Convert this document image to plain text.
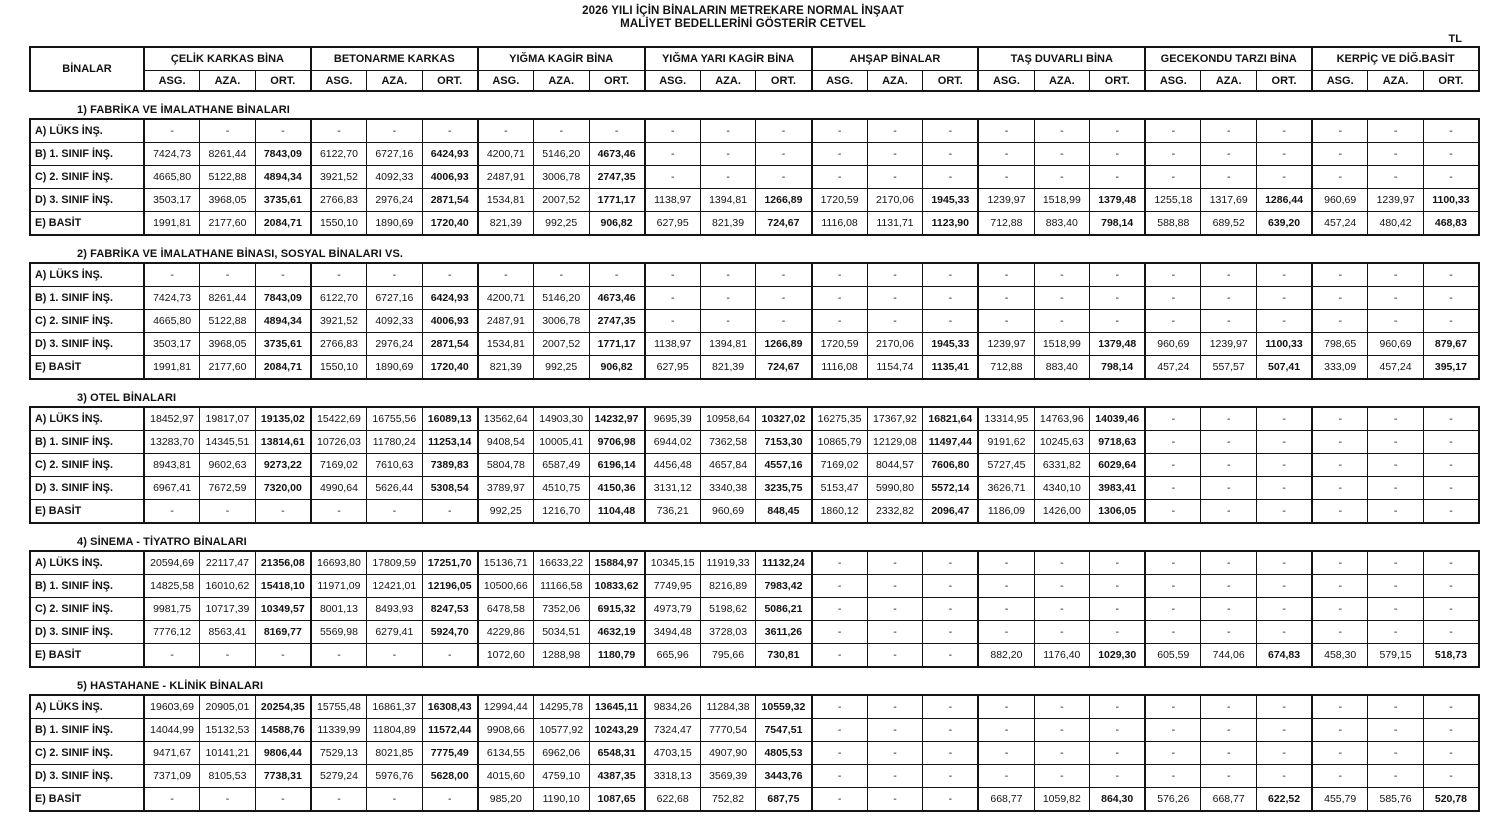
2026 YILI İÇİN BİNALARIN METREKARE NORMAL İNŞAAT
MALİYET BEDELLERİNİ GÖSTERİR CETVEL
TL
BİNALAR	ÇELİK KARKAS BİNA			BETONARME KARKAS			YIĞMA KAGİR BİNA			YIĞMA YARI KAGİR BİNA			AHŞAP BİNALAR			TAŞ DUVARLI BİNA			GECEKONDU TARZI BİNA			KERPİÇ VE DİĞ.BASİT		
	ASG.	AZA.	ORT.	ASG.	AZA.	ORT.	ASG.	AZA.	ORT.	ASG.	AZA.	ORT.	ASG.	AZA.	ORT.	ASG.	AZA.	ORT.	ASG.	AZA.	ORT.	ASG.	AZA.	ORT.
1) FABRİKA VE İMALATHANE BİNALARI
A) LÜKS İNŞ.	-	-	-	-	-	-	-	-	-	-	-	-	-	-	-	-	-	-	-	-	-	-	-	-
B) 1. SINIF İNŞ.	7424,73	8261,44	7843,09	6122,70	6727,16	6424,93	4200,71	5146,20	4673,46	-	-	-	-	-	-	-	-	-	-	-	-	-	-	-
C) 2. SINIF İNŞ.	4665,80	5122,88	4894,34	3921,52	4092,33	4006,93	2487,91	3006,78	2747,35	-	-	-	-	-	-	-	-	-	-	-	-	-	-	-
D) 3. SINIF İNŞ.	3503,17	3968,05	3735,61	2766,83	2976,24	2871,54	1534,81	2007,52	1771,17	1138,97	1394,81	1266,89	1720,59	2170,06	1945,33	1239,97	1518,99	1379,48	1255,18	1317,69	1286,44	960,69	1239,97	1100,33
E) BASİT	1991,81	2177,60	2084,71	1550,10	1890,69	1720,40	821,39	992,25	906,82	627,95	821,39	724,67	1116,08	1131,71	1123,90	712,88	883,40	798,14	588,88	689,52	639,20	457,24	480,42	468,83
2) FABRİKA VE İMALATHANE BİNASI, SOSYAL BİNALARI VS.
A) LÜKS İNŞ.	-	-	-	-	-	-	-	-	-	-	-	-	-	-	-	-	-	-	-	-	-	-	-	-
B) 1. SINIF İNŞ.	7424,73	8261,44	7843,09	6122,70	6727,16	6424,93	4200,71	5146,20	4673,46	-	-	-	-	-	-	-	-	-	-	-	-	-	-	-
C) 2. SINIF İNŞ.	4665,80	5122,88	4894,34	3921,52	4092,33	4006,93	2487,91	3006,78	2747,35	-	-	-	-	-	-	-	-	-	-	-	-	-	-	-
D) 3. SINIF İNŞ.	3503,17	3968,05	3735,61	2766,83	2976,24	2871,54	1534,81	2007,52	1771,17	1138,97	1394,81	1266,89	1720,59	2170,06	1945,33	1239,97	1518,99	1379,48	960,69	1239,97	1100,33	798,65	960,69	879,67
E) BASİT	1991,81	2177,60	2084,71	1550,10	1890,69	1720,40	821,39	992,25	906,82	627,95	821,39	724,67	1116,08	1154,74	1135,41	712,88	883,40	798,14	457,24	557,57	507,41	333,09	457,24	395,17
3) OTEL BİNALARI
A) LÜKS İNŞ.	18452,97	19817,07	19135,02	15422,69	16755,56	16089,13	13562,64	14903,30	14232,97	9695,39	10958,64	10327,02	16275,35	17367,92	16821,64	13314,95	14763,96	14039,46	-	-	-	-	-	-
B) 1. SINIF İNŞ.	13283,70	14345,51	13814,61	10726,03	11780,24	11253,14	9408,54	10005,41	9706,98	6944,02	7362,58	7153,30	10865,79	12129,08	11497,44	9191,62	10245,63	9718,63	-	-	-	-	-	-
C) 2. SINIF İNŞ.	8943,81	9602,63	9273,22	7169,02	7610,63	7389,83	5804,78	6587,49	6196,14	4456,48	4657,84	4557,16	7169,02	8044,57	7606,80	5727,45	6331,82	6029,64	-	-	-	-	-	-
D) 3. SINIF İNŞ.	6967,41	7672,59	7320,00	4990,64	5626,44	5308,54	3789,97	4510,75	4150,36	3131,12	3340,38	3235,75	5153,47	5990,80	5572,14	3626,71	4340,10	3983,41	-	-	-	-	-	-
E) BASİT	-	-	-	-	-	-	992,25	1216,70	1104,48	736,21	960,69	848,45	1860,12	2332,82	2096,47	1186,09	1426,00	1306,05	-	-	-	-	-	-
4) SİNEMA - TİYATRO BİNALARI
A) LÜKS İNŞ.	20594,69	22117,47	21356,08	16693,80	17809,59	17251,70	15136,71	16633,22	15884,97	10345,15	11919,33	11132,24	-	-	-	-	-	-	-	-	-	-	-	-
B) 1. SINIF İNŞ.	14825,58	16010,62	15418,10	11971,09	12421,01	12196,05	10500,66	11166,58	10833,62	7749,95	8216,89	7983,42	-	-	-	-	-	-	-	-	-	-	-	-
C) 2. SINIF İNŞ.	9981,75	10717,39	10349,57	8001,13	8493,93	8247,53	6478,58	7352,06	6915,32	4973,79	5198,62	5086,21	-	-	-	-	-	-	-	-	-	-	-	-
D) 3. SINIF İNŞ.	7776,12	8563,41	8169,77	5569,98	6279,41	5924,70	4229,86	5034,51	4632,19	3494,48	3728,03	3611,26	-	-	-	-	-	-	-	-	-	-	-	-
E) BASİT	-	-	-	-	-	-	1072,60	1288,98	1180,79	665,96	795,66	730,81	-	-	-	882,20	1176,40	1029,30	605,59	744,06	674,83	458,30	579,15	518,73
5) HASTAHANE - KLİNİK BİNALARI
A) LÜKS İNŞ.	19603,69	20905,01	20254,35	15755,48	16861,37	16308,43	12994,44	14295,78	13645,11	9834,26	11284,38	10559,32	-	-	-	-	-	-	-	-	-	-	-	-
B) 1. SINIF İNŞ.	14044,99	15132,53	14588,76	11339,99	11804,89	11572,44	9908,66	10577,92	10243,29	7324,47	7770,54	7547,51	-	-	-	-	-	-	-	-	-	-	-	-
C) 2. SINIF İNŞ.	9471,67	10141,21	9806,44	7529,13	8021,85	7775,49	6134,55	6962,06	6548,31	4703,15	4907,90	4805,53	-	-	-	-	-	-	-	-	-	-	-	-
D) 3. SINIF İNŞ.	7371,09	8105,53	7738,31	5279,24	5976,76	5628,00	4015,60	4759,10	4387,35	3318,13	3569,39	3443,76	-	-	-	-	-	-	-	-	-	-	-	-
E) BASİT	-	-	-	-	-	-	985,20	1190,10	1087,65	622,68	752,82	687,75	-	-	-	668,77	1059,82	864,30	576,26	668,77	622,52	455,79	585,76	520,78
